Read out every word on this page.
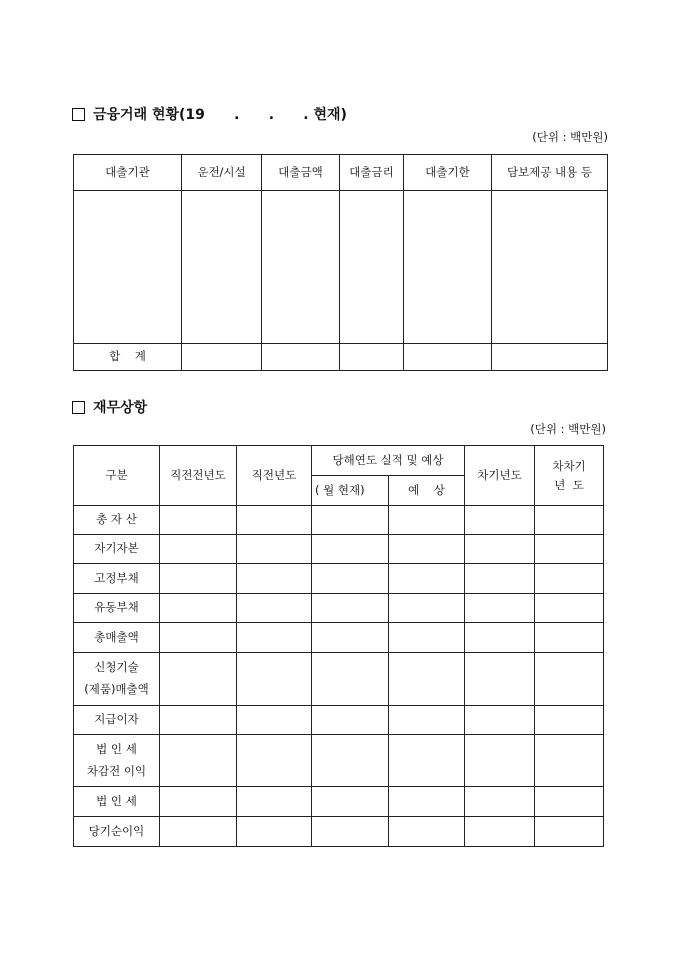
금융거래 현황(19      .      .      . 현재)
(단위 : 백만원)
대출기관	운전/시설	대출금액	대출금리	대출기한	담보제공 내용 등

합    계					
재무상항
(단위 : 백만원)
구분	직전전년도	직전년도	당해연도 실적 및 예상		차기년도	차차기
년  도

			( 월 현재)	예    상		

총 자 산						

자기자본						

고정부채						

유동부채						

총매출액						

신청기술
(제품)매출액						

지급이자						

법 인 세
차감전 이익						

법 인 세						

당기순이익						
